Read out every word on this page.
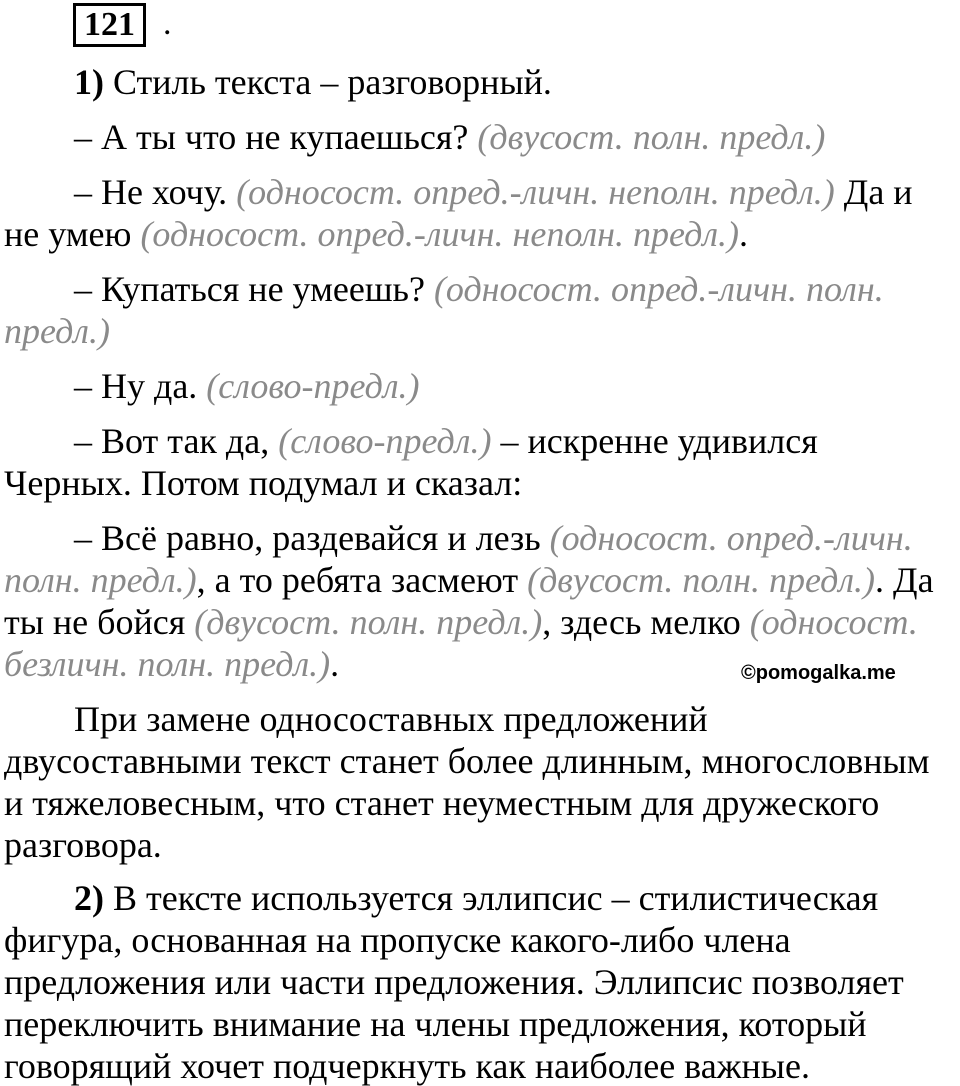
121 .
1) Стиль текста – разговорный.
– А ты что не купаешься? (двусост. полн. предл.)
– Не хочу. (односост. опред.-личн. неполн. предл.) Да и
не умею (односост. опред.-личн. неполн. предл.).
– Купаться не умеешь? (односост. опред.-личн. полн.
предл.)
– Ну да. (слово-предл.)
– Вот так да, (слово-предл.) – искренне удивился
Черных. Потом подумал и сказал:
– Всё равно, раздевайся и лезь (односост. опред.-личн.
полн. предл.), а то ребята засмеют (двусост. полн. предл.). Да
ты не бойся (двусост. полн. предл.), здесь мелко (односост.
безличн. полн. предл.).	©pomogalka.me
При замене односоставных предложений
двусоставными текст станет более длинным, многословным
и тяжеловесным, что станет неуместным для дружеского
разговора.
2) В тексте используется эллипсис – стилистическая
фигура, основанная на пропуске какого-либо члена
предложения или части предложения. Эллипсис позволяет
переключить внимание на члены предложения, который
говорящий хочет подчеркнуть как наиболее важные.
